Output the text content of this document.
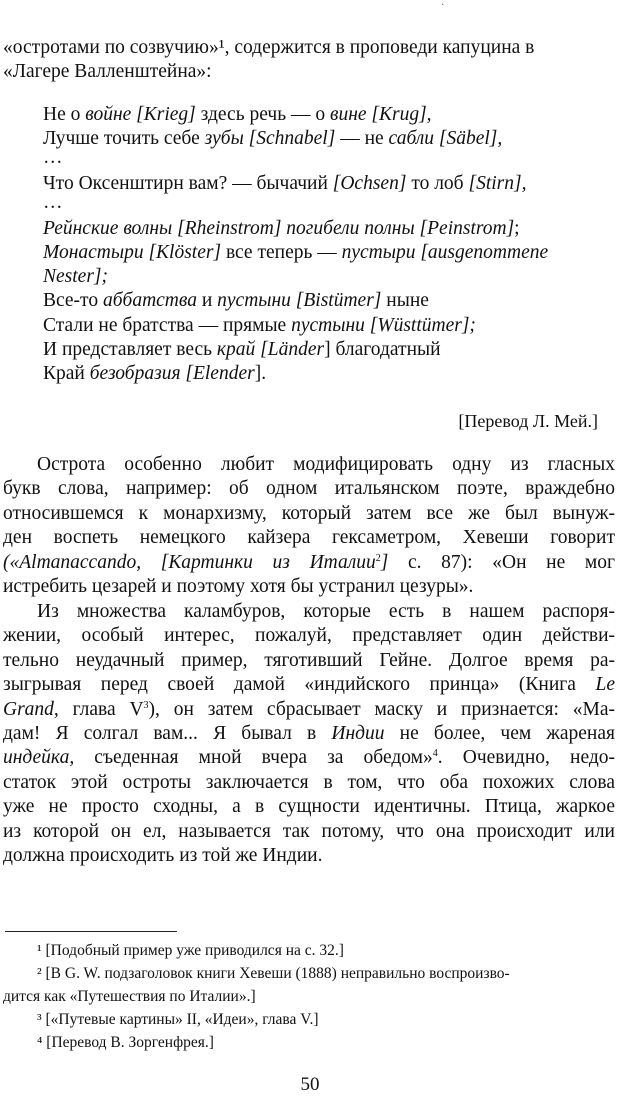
·
«остротами по созвучию»¹, содержится в проповеди капуцина в
«Лагере Валленштейна»:
Не о войне [Krieg] здесь речь — о вине [Krug],
Лучше точить себе зубы [Schnabel] — не сабли [Säbel],
…
Что Оксенштирн вам? — бычачий [Ochsen] то лоб [Stirn],
…
Рейнские волны [Rheinstrom] погибели полны [Peinstrom];
Монастыри [Klöster] все теперь — пустыри [ausgenommene
Nester];
Все-то аббатства и пустыни [Bistümer] ныне
Стали не братства — прямые пустыни [Wüsttümer];
И представляет весь край [Länder] благодатный
Край безобразия [Elender].
[Перевод Л. Мей.]
Острота особенно любит модифицировать одну из гласных
букв слова, например: об одном итальянском поэте, враждебно
относившемся к монархизму, который затем все же был вынуж-
ден воспеть немецкого кайзера гексаметром, Хевеши говорит
(«Almanaccando, [Картинки из Италии$^2$] с. 87): «Он не мог
истребить цезарей и поэтому хотя бы устранил цезуры».
Из множества каламбуров, которые есть в нашем распоря-
жении, особый интерес, пожалуй, представляет один действи-
тельно неудачный пример, тяготивший Гейне. Долгое время ра-
зыгрывая перед своей дамой «индийского принца» (Книга Le
Grand, глава $V^3$), он затем сбрасывает маску и признается: «Ма-
дам! Я солгал вам... Я бывал в Индии не более, чем жареная
индейка, съеденная мной вчера за обедом»$^4$. Очевидно, недо-
статок этой остроты заключается в том, что оба похожих слова
уже не просто сходны, а в сущности идентичны. Птица, жаркое
из которой он ел, называется так потому, что она происходит или
должна происходить из той же Индии.
¹ [Подобный пример уже приводился на с. 32.]
² [В G. W. подзаголовок книги Хевеши (1888) неправильно воспроизво-
дится как «Путешествия по Италии».]
³ [«Путевые картины» II, «Идеи», глава V.]
⁴ [Перевод В. Зоргенфрея.]
50
